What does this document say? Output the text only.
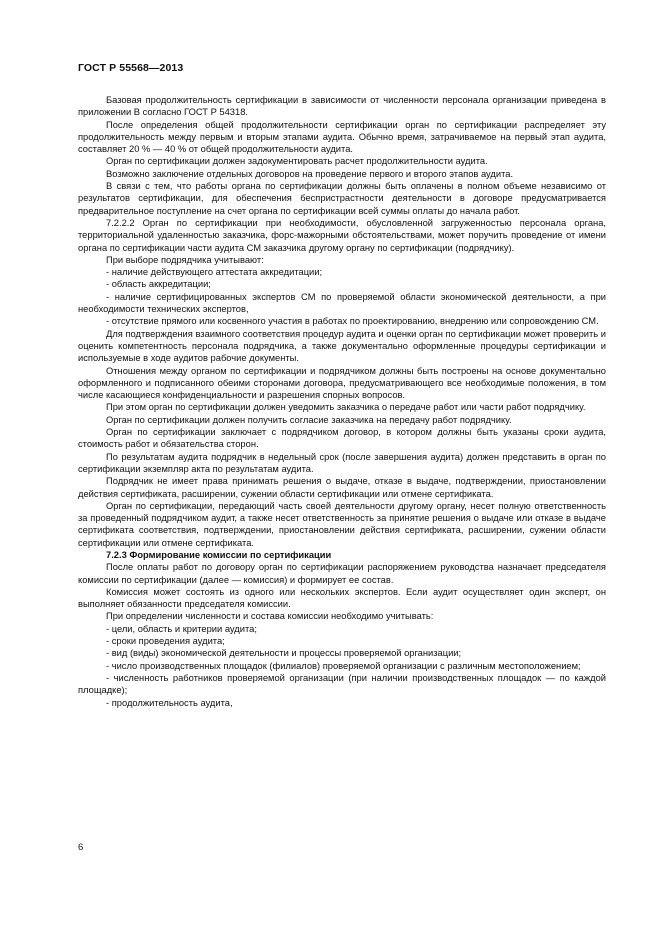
ГОСТ Р 55568—2013

Базовая продолжительность сертификации в зависимости от численности персонала организации приведена в приложении В согласно ГОСТ Р 54318.

После определения общей продолжительности сертификации орган по сертификации распределяет эту продолжительность между первым и вторым этапами аудита. Обычно время, затрачиваемое на первый этап аудита, составляет 20 % — 40 % от общей продолжительности аудита.

Орган по сертификации должен задокументировать расчет продолжительности аудита.

Возможно заключение отдельных договоров на проведение первого и второго этапов аудита.

В связи с тем, что работы органа по сертификации должны быть оплачены в полном объеме независимо от результатов сертификации, для обеспечения беспристрастности деятельности в договоре предусматривается предварительное поступление на счет органа по сертификации всей суммы оплаты до начала работ.

7.2.2.2 Орган по сертификации при необходимости, обусловленной загруженностью персонала органа, территориальной удаленностью заказчика, форс-мажорными обстоятельствами, может поручить проведение от имени органа по сертификации части аудита СМ заказчика другому органу по сертификации (подрядчику).

При выборе подрядчика учитывают:

- наличие действующего аттестата аккредитации;

- область аккредитации;

- наличие сертифицированных экспертов СМ по проверяемой области экономической деятельности, а при необходимости технических экспертов,

- отсутствие прямого или косвенного участия в работах по проектированию, внедрению или сопровождению СМ.

Для подтверждения взаимного соответствия процедур аудита и оценки орган по сертификации может проверить и оценить компетентность персонала подрядчика, а также документально оформленные процедуры сертификации и используемые в ходе аудитов рабочие документы.

Отношения между органом по сертификации и подрядчиком должны быть построены на основе документально оформленного и подписанного обеими сторонами договора, предусматривающего все необходимые положения, в том числе касающиеся конфиденциальности и разрешения спорных вопросов.

При этом орган по сертификации должен уведомить заказчика о передаче работ или части работ подрядчику.

Орган по сертификации должен получить согласие заказчика на передачу работ подрядчику.

Орган по сертификации заключает с подрядчиком договор, в котором должны быть указаны сроки аудита, стоимость работ и обязательства сторон.

По результатам аудита подрядчик в недельный срок (после завершения аудита) должен представить в орган по сертификации экземпляр акта по результатам аудита.

Подрядчик не имеет права принимать решения о выдаче, отказе в выдаче, подтверждении, приостановлении действия сертификата, расширении, сужении области сертификации или отмене сертификата.

Орган по сертификации, передающий часть своей деятельности другому органу, несет полную ответственность за проведенный подрядчиком аудит, а также несет ответственность за принятие решения о выдаче или отказе в выдаче сертификата соответствия, подтверждении, приостановлении действия сертификата, расширении, сужении области сертификации или отмене сертификата.

7.2.3 Формирование комиссии по сертификации

После оплаты работ по договору орган по сертификации распоряжением руководства назначает председателя комиссии по сертификации (далее — комиссия) и формирует ее состав.

Комиссия может состоять из одного или нескольких экспертов. Если аудит осуществляет один эксперт, он выполняет обязанности председателя комиссии.

При определении численности и состава комиссии необходимо учитывать:

- цели, область и критерии аудита;

- сроки проведения аудита;

- вид (виды) экономической деятельности и процессы проверяемой организации;

- число производственных площадок (филиалов) проверяемой организации с различным местоположением;

- численность работников проверяемой организации (при наличии производственных площадок — по каждой площадке);

- продолжительность аудита,

6
